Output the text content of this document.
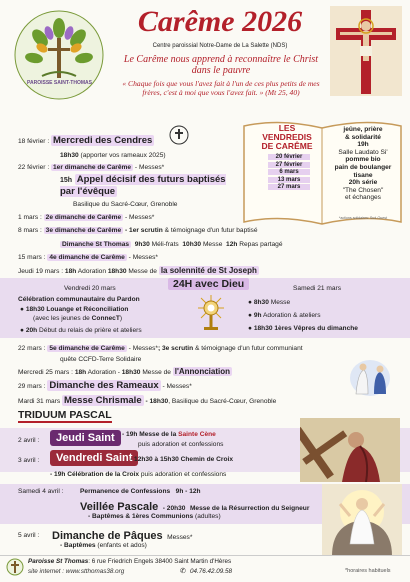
PAROISSE SAINT-THOMAS
Carême 2026
Centre paroissial Notre-Dame de La Salette (NDS)
Le Carême nous apprend à reconnaître le Christ dans le pauvre
« Chaque fois que vous l'avez fait à l'un de ces plus petits de mes frères, c'est à moi que vous l'avez fait. » (Mt 25, 40)
18 février : Mercredi des Cendres
18h30 (apporter vos rameaux 2025)
22 février : 1er dimanche de Carême - Messes*
15h Appel décisif des futurs baptisés par l'évêque
Basilique du Sacré-Cœur, Grenoble
1 mars : 2e dimanche de Carême - Messes*
8 mars : 3e dimanche de Carême - 1er scrutin & témoignage d'un futur baptisé
Dimanche St Thomas 9h30 Méli-frats 10h30 Messe 12h Repas partagé
15 mars : 4e dimanche de Carême - Messes*
Jeudi 19 mars : 18h Adoration 18h30 Messe de la solennité de St Joseph
LES
VENDREDIS
DE CARÊME
20 février
27 février
6 mars
13 mars
27 mars
jeûne, prière
& solidarité
19h
Salle Laudato Si'
pomme bio
pain de boulanger
tisane
20h série
"The Chosen"
et échanges
*actions solidaires: Sud-Ouest
24H avec Dieu
Vendredi 20 mars	Samedi 21 mars
Célébration communautaire du Pardon
● 18h30 Louange et Réconciliation
(avec les jeunes de ConnecT)
● 20h Début du relais de prière et ateliers
● 8h30 Messe
● 9h Adoration & ateliers
● 18h30 1ères Vêpres du dimanche
22 mars : 5e dimanche de Carême - Messes*; 3e scrutin & témoignage d'un futur communiant
quête CCFD-Terre Solidaire
Mercredi 25 mars : 18h Adoration - 18h30 Messe de l'Annonciation
29 mars : Dimanche des Rameaux - Messes*
Mardi 31 mars Messe Chrismale - 18h30, Basilique du Sacré-Cœur, Grenoble
TRIDUUM PASCAL
2 avril :	Jeudi Saint	- 19h Messe de la Sainte Cène
puis adoration et confessions
3 avril :	Vendredi Saint
- 12h30 à 15h30 Chemin de Croix
- 19h Célébration de la Croix puis adoration et confessions
Samedi 4 avril :	Permanence de Confessions 9h - 12h
Veillée Pascale - 20h30 Messe de la Résurrection du Seigneur
- Baptêmes & 1ères Communions (adultes)
5 avril : Dimanche de Pâques Messes*
- Baptêmes (enfants et ados)
Paroisse St Thomas: 6 rue Friedrich Engels 38400 Saint Martin d'Hères
site internet : www.stthomas38.org	✆ 04.76.42.09.58	*horaires habituels
